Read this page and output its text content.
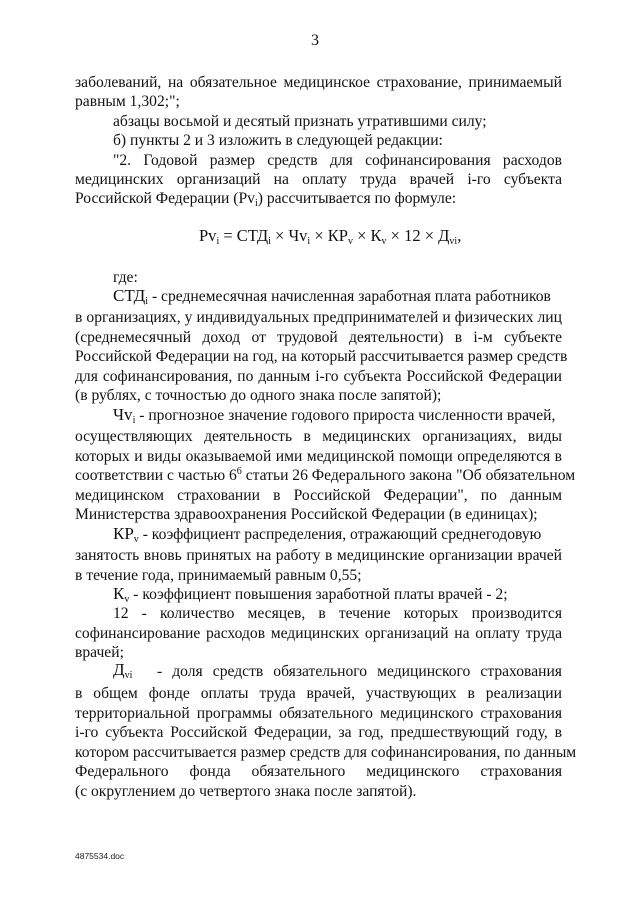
3
заболеваний, на обязательное медицинское страхование, принимаемый
равным 1,302;";
абзацы восьмой и десятый признать утратившими силу;
б) пункты 2 и 3 изложить в следующей редакции:
"2. Годовой размер средств для софинансирования расходов
медицинских организаций на оплату труда врачей i-го субъекта
Российской Федерации $(Pv_i)$ рассчитывается по формуле:
$Pv_i = СТД_i \times Чv_i \times КР_v \times К_v \times 12 \times Д_{vi}$,
где:
$СТД_i$ - среднемесячная начисленная заработная плата работников
в организациях, у индивидуальных предпринимателей и физических лиц
(среднемесячный доход от трудовой деятельности) в i-м субъекте
Российской Федерации на год, на который рассчитывается размер средств
для софинансирования, по данным i-го субъекта Российской Федерации
(в рублях, с точностью до одного знака после запятой);
$Чv_i$ - прогнозное значение годового прироста численности врачей,
осуществляющих деятельность в медицинских организациях, виды
которых и виды оказываемой ими медицинской помощи определяются в
соответствии с частью $6^6$ статьи 26 Федерального закона "Об обязательном
медицинском страховании в Российской Федерации", по данным
Министерства здравоохранения Российской Федерации (в единицах);
$КР_v$ - коэффициент распределения, отражающий среднегодовую
занятость вновь принятых на работу в медицинские организации врачей
в течение года, принимаемый равным 0,55;
$К_v$ - коэффициент повышения заработной платы врачей - 2;
12 - количество месяцев, в течение которых производится
софинансирование расходов медицинских организаций на оплату труда
врачей;
$Д_{vi}$ - доля средств обязательного медицинского страхования
в общем фонде оплаты труда врачей, участвующих в реализации
территориальной программы обязательного медицинского страхования
i-го субъекта Российской Федерации, за год, предшествующий году, в
котором рассчитывается размер средств для софинансирования, по данным
Федерального фонда обязательного медицинского страхования
(с округлением до четвертого знака после запятой).
4875534.doc
